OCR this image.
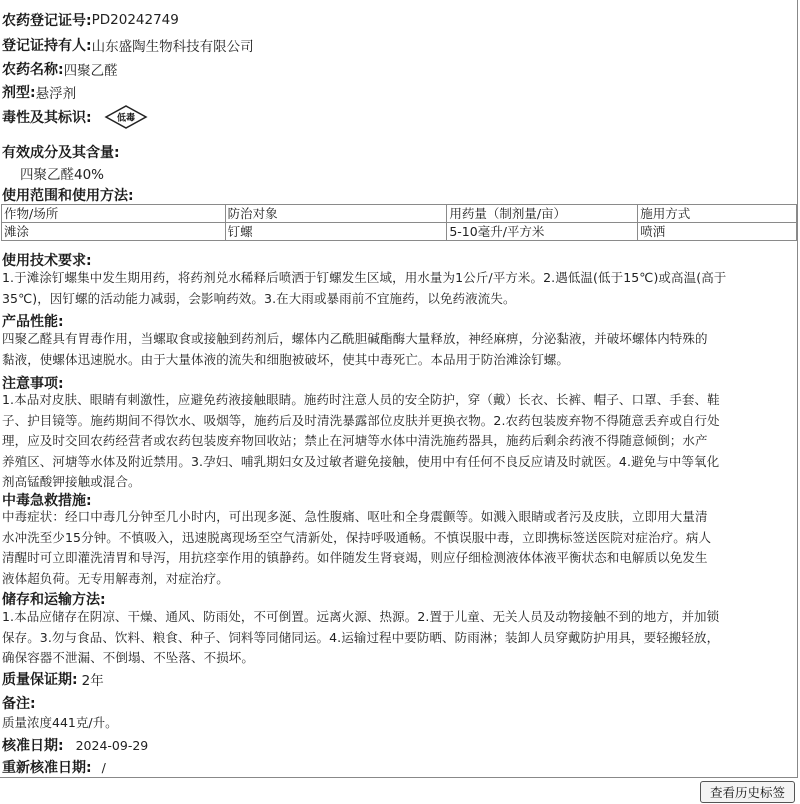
农药登记证号: PD20242749
登记证持有人: 山东盛陶生物科技有限公司
农药名称: 四聚乙醛
剂型: 悬浮剂
毒性及其标识:	低毒
有效成分及其含量:
四聚乙醛40%
使用范围和使用方法:
作物/场所	防治对象	用药量（制剂量/亩）	施用方式
滩涂	钉螺	5-10毫升/平方米	喷洒
使用技术要求:
1.于滩涂钉螺集中发生期用药，将药剂兑水稀释后喷洒于钉螺发生区域，用水量为1公斤/平方米。2.遇低温(低于15℃)或高温(高于
35℃)，因钉螺的活动能力减弱，会影响药效。3.在大雨或暴雨前不宜施药，以免药液流失。
产品性能:
四聚乙醛具有胃毒作用，当螺取食或接触到药剂后，螺体内乙酰胆碱酯酶大量释放，神经麻痹，分泌黏液，并破坏螺体内特殊的
黏液，使螺体迅速脱水。由于大量体液的流失和细胞被破坏，使其中毒死亡。本品用于防治滩涂钉螺。
注意事项:
1.本品对皮肤、眼睛有刺激性，应避免药液接触眼睛。施药时注意人员的安全防护，穿（戴）长衣、长裤、帽子、口罩、手套、鞋
子、护目镜等。施药期间不得饮水、吸烟等，施药后及时清洗暴露部位皮肤并更换衣物。2.农药包装废弃物不得随意丢弃或自行处
理，应及时交回农药经营者或农药包装废弃物回收站；禁止在河塘等水体中清洗施药器具，施药后剩余药液不得随意倾倒；水产
养殖区、河塘等水体及附近禁用。3.孕妇、哺乳期妇女及过敏者避免接触，使用中有任何不良反应请及时就医。4.避免与中等氧化
剂高锰酸钾接触或混合。
中毒急救措施:
中毒症状：经口中毒几分钟至几小时内，可出现多涎、急性腹痛、呕吐和全身震颤等。如溅入眼睛或者污及皮肤，立即用大量清
水冲洗至少15分钟。不慎吸入，迅速脱离现场至空气清新处，保持呼吸通畅。不慎误服中毒，立即携标签送医院对症治疗。病人
清醒时可立即灌洗清胃和导泻，用抗痉挛作用的镇静药。如伴随发生肾衰竭，则应仔细检测液体体液平衡状态和电解质以免发生
液体超负荷。无专用解毒剂，对症治疗。
储存和运输方法:
1.本品应储存在阴凉、干燥、通风、防雨处，不可倒置。远离火源、热源。2.置于儿童、无关人员及动物接触不到的地方，并加锁
保存。3.勿与食品、饮料、粮食、种子、饲料等同储同运。4.运输过程中要防晒、防雨淋；装卸人员穿戴防护用具，要轻搬轻放，
确保容器不泄漏、不倒塌、不坠落、不损坏。
质量保证期: 2年
备注:
质量浓度441克/升。
核准日期: 2024-09-29
重新核准日期: /
查看历史标签
